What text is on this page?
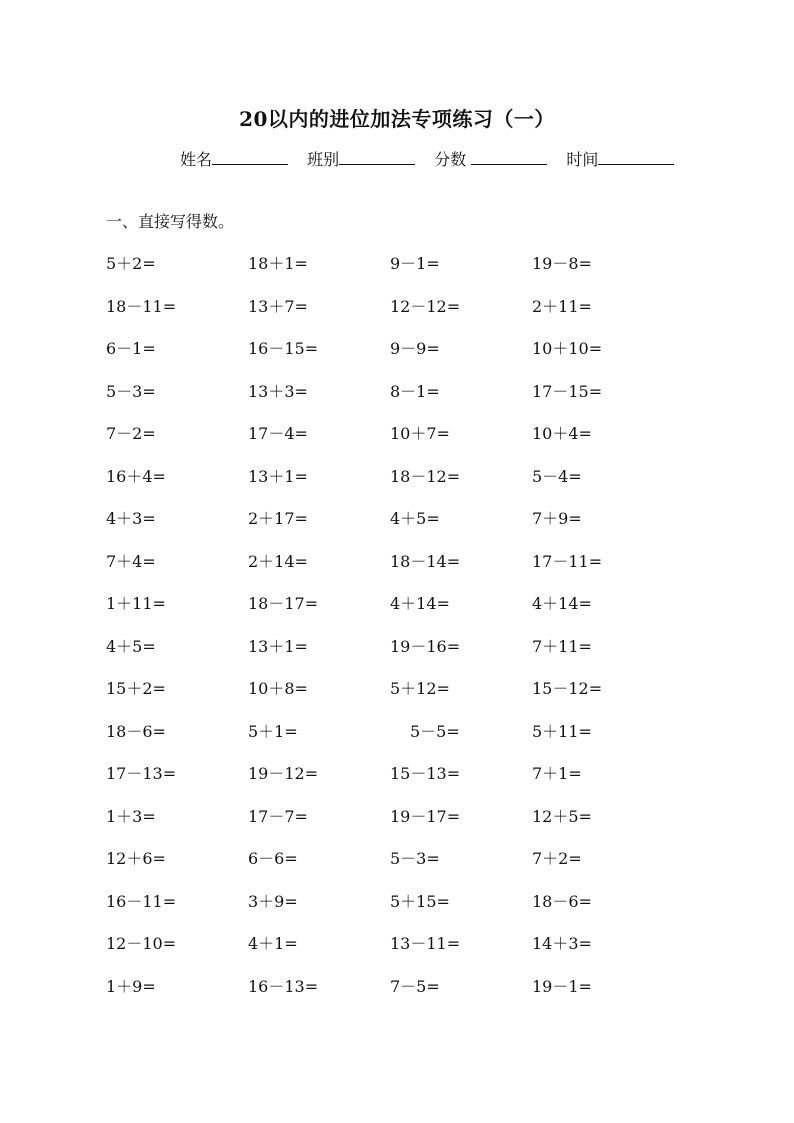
20以内的进位加法专项练习（一）
姓名	班别	分数	时间
一、直接写得数。
5＋2=	18＋1=	9－1=	19－8=
18－11=	13＋7=	12－12=	2＋11=
6－1=	16－15=	9－9=	10＋10=
5－3=	13＋3=	8－1=	17－15=
7－2=	17－4=	10＋7=	10＋4=
16＋4=	13＋1=	18－12=	5－4=
4＋3=	2＋17=	4＋5=	7＋9=
7＋4=	2＋14=	18－14=	17－11=
1＋11=	18－17=	4＋14=	4＋14=
4＋5=	13＋1=	19－16=	7＋11=
15＋2=	10＋8=	5＋12=	15－12=
18－6=	5＋1=	5－5=	5＋11=
17－13=	19－12=	15－13=	7＋1=
1＋3=	17－7=	19－17=	12＋5=
12＋6=	6－6=	5－3=	7＋2=
16－11=	3＋9=	5＋15=	18－6=
12－10=	4＋1=	13－11=	14＋3=
1＋9=	16－13=	7－5=	19－1=
